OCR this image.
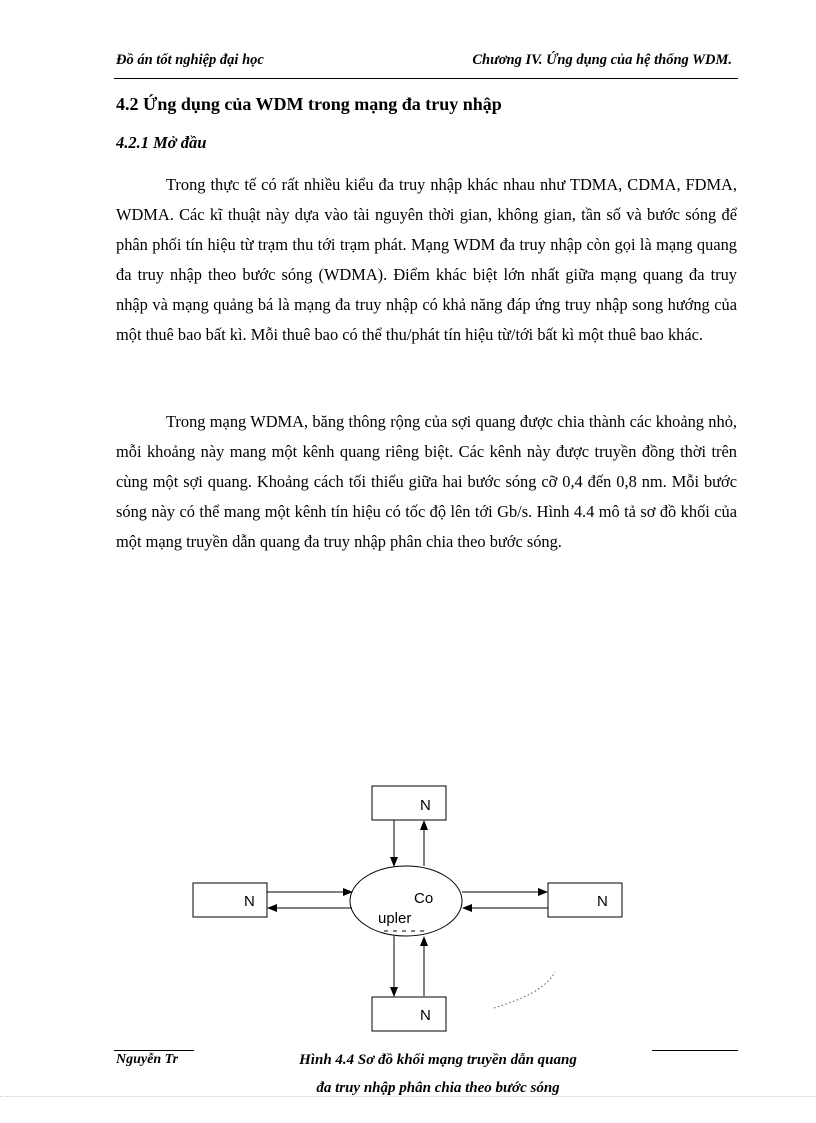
Đồ án tốt nghiệp đại học	Chương IV. Ứng dụng của hệ thống WDM.
4.2 Ứng dụng của WDM trong mạng đa truy nhập
4.2.1 Mở đầu

Trong thực tế có rất nhiều kiểu đa truy nhập khác nhau như TDMA, CDMA, FDMA, WDMA. Các kĩ thuật này dựa vào tài nguyên thời gian, không gian, tần số và bước sóng để phân phối tín hiệu từ trạm thu tới trạm phát. Mạng WDM đa truy nhập còn gọi là mạng quang đa truy nhập theo bước sóng (WDMA). Điểm khác biệt lớn nhất giữa mạng quang đa truy nhập và mạng quảng bá là mạng đa truy nhập có khả năng đáp ứng truy nhập song hướng của một thuê bao bất kì. Mỗi thuê bao có thể thu/phát tín hiệu từ/tới bất kì một thuê bao khác.

Trong mạng WDMA, băng thông rộng của sợi quang được chia thành các khoảng nhỏ, mỗi khoảng này mang một kênh quang riêng biệt. Các kênh này được truyền đồng thời trên cùng một sợi quang. Khoảng cách tối thiểu giữa hai bước sóng cỡ 0,4 đến 0,8 nm. Mỗi bước sóng này có thể mang một kênh tín hiệu có tốc độ lên tới Gb/s. Hình 4.4 mô tả sơ đồ khối của một mạng truyền dẫn quang đa truy nhập phân chia theo bước sóng.

Co
upler
N
N	N
N
Nguyễn Tr	Hình 4.4 Sơ đồ khối mạng truyền dẫn quang
đa truy nhập phân chia theo bước sóng
